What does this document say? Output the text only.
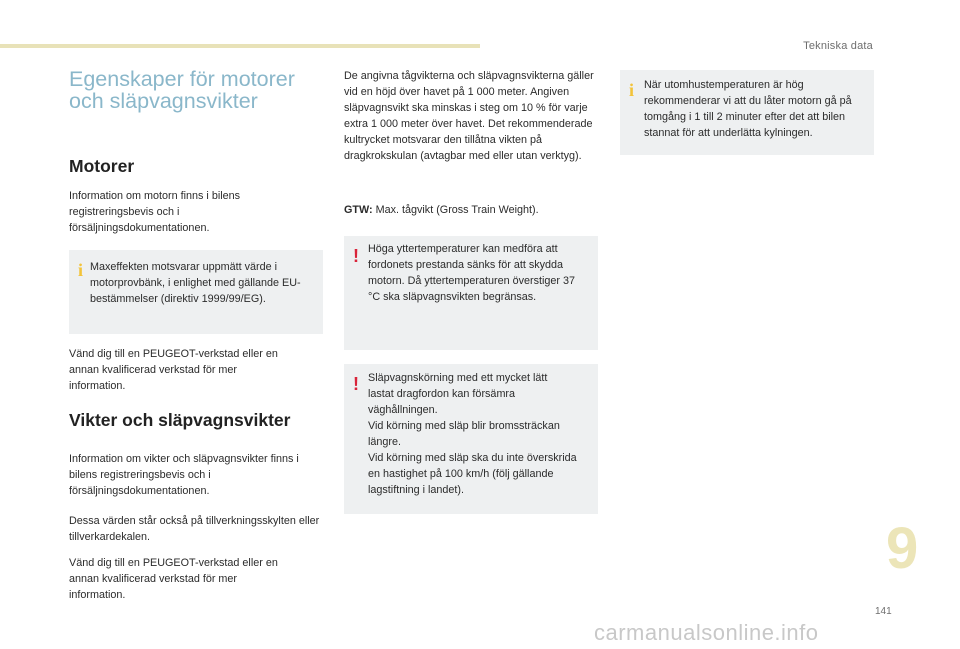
Tekniska data
Egenskaper för motorer och släpvagnsvikter
Motorer

Information om motorn finns i bilens registreringsbevis och i försäljningsdokumentationen.

i Maxeffekten motsvarar uppmätt värde i motorprovbänk, i enlighet med gällande EU-bestämmelser (direktiv 1999/99/EG).

Vänd dig till en PEUGEOT-verkstad eller en annan kvalificerad verkstad för mer information.

Vikter och släpvagnsvikter

Information om vikter och släpvagnsvikter finns i bilens registreringsbevis och i försäljningsdokumentationen.

Dessa värden står också på tillverkningsskylten eller tillverkardekalen.

Vänd dig till en PEUGEOT-verkstad eller en annan kvalificerad verkstad för mer information.

De angivna tågvikterna och släpvagnsvikterna gäller vid en höjd över havet på 1 000 meter. Angiven släpvagnsvikt ska minskas i steg om 10 % för varje extra 1 000 meter över havet. Det rekommenderade kultrycket motsvarar den tillåtna vikten på dragkrokskulan (avtagbar med eller utan verktyg).

GTW: Max. tågvikt (Gross Train Weight).

! Höga yttertemperaturer kan medföra att fordonets prestanda sänks för att skydda motorn. Då yttertemperaturen överstiger 37 °C ska släpvagnsvikten begränsas.

! Släpvagnskörning med ett mycket lätt lastat dragfordon kan försämra väghållningen.

Vid körning med släp blir bromssträckan längre.

Vid körning med släp ska du inte överskrida en hastighet på 100 km/h (följ gällande lagstiftning i landet).

i När utomhustemperaturen är hög rekommenderar vi att du låter motorn gå på tomgång i 1 till 2 minuter efter det att bilen stannat för att underlätta kylningen.

9
141
carmanualsonline.info
